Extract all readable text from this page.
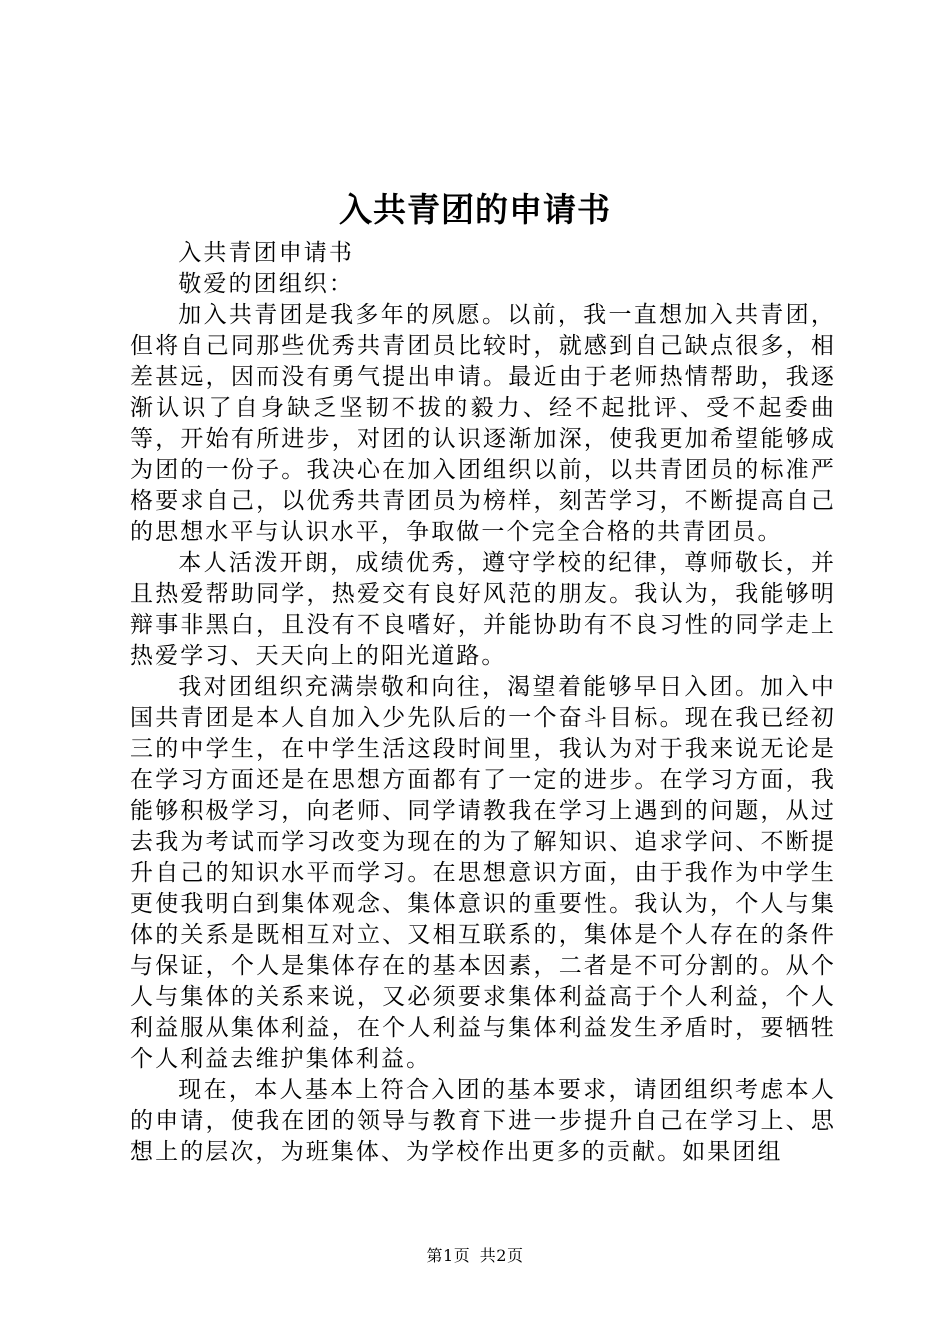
入共青团的申请书

入共青团申请书

敬爱的团组织：

加入共青团是我多年的夙愿。以前，我一直想加入共青团，但将自己同那些优秀共青团员比较时，就感到自己缺点很多，相差甚远，因而没有勇气提出申请。最近由于老师热情帮助，我逐渐认识了自身缺乏坚韧不拔的毅力、经不起批评、受不起委曲等，开始有所进步，对团的认识逐渐加深，使我更加希望能够成为团的一份子。我决心在加入团组织以前，以共青团员的标准严格要求自己，以优秀共青团员为榜样，刻苦学习，不断提高自己的思想水平与认识水平，争取做一个完全合格的共青团员。

本人活泼开朗，成绩优秀，遵守学校的纪律，尊师敬长，并且热爱帮助同学，热爱交有良好风范的朋友。我认为，我能够明辩事非黑白，且没有不良嗜好，并能协助有不良习性的同学走上热爱学习、天天向上的阳光道路。

我对团组织充满崇敬和向往，渴望着能够早日入团。加入中国共青团是本人自加入少先队后的一个奋斗目标。现在我已经初三的中学生，在中学生活这段时间里，我认为对于我来说无论是在学习方面还是在思想方面都有了一定的进步。在学习方面，我能够积极学习，向老师、同学请教我在学习上遇到的问题，从过去我为考试而学习改变为现在的为了解知识、追求学问、不断提升自己的知识水平而学习。在思想意识方面，由于我作为中学生更使我明白到集体观念、集体意识的重要性。我认为，个人与集体的关系是既相互对立、又相互联系的，集体是个人存在的条件与保证，个人是集体存在的基本因素，二者是不可分割的。从个人与集体的关系来说，又必须要求集体利益高于个人利益，个人利益服从集体利益，在个人利益与集体利益发生矛盾时，要牺牲个人利益去维护集体利益。

现在，本人基本上符合入团的基本要求，请团组织考虑本人的申请，使我在团的领导与教育下进一步提升自己在学习上、思想上的层次，为班集体、为学校作出更多的贡献。如果团组

第1页 共2页
